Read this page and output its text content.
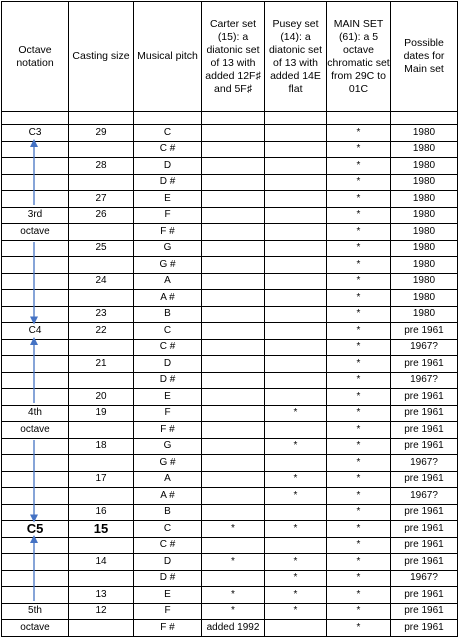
Octave notation	Casting size	Musical pitch	Carter set (15): a diatonic set of 13 with added 12F♯ and 5F♯	Pusey set (14): a diatonic set of 13 with added 14E flat	MAIN SET (61): a 5 octave chromatic set from 29C to 01C	Possible dates for Main set

C3	29	C			*	1980
		C #			*	1980
	28	D			*	1980
		D #			*	1980
	27	E			*	1980
3rd	26	F			*	1980
octave		F #			*	1980
	25	G			*	1980
		G #			*	1980
	24	A			*	1980
		A #			*	1980
	23	B			*	1980
C4	22	C			*	pre 1961
		C #			*	1967?
	21	D			*	pre 1961
		D #			*	1967?
	20	E			*	pre 1961
4th	19	F		*	*	pre 1961
octave		F #			*	pre 1961
	18	G		*	*	pre 1961
		G #			*	1967?
	17	A		*	*	pre 1961
		A #		*	*	1967?
	16	B			*	pre 1961
C5	15	C	*	*	*	pre 1961
		C #			*	pre 1961
	14	D	*	*	*	pre 1961
		D #		*	*	1967?
	13	E	*	*	*	pre 1961
5th	12	F	*	*	*	pre 1961
octave		F #	added 1992		*	pre 1961
